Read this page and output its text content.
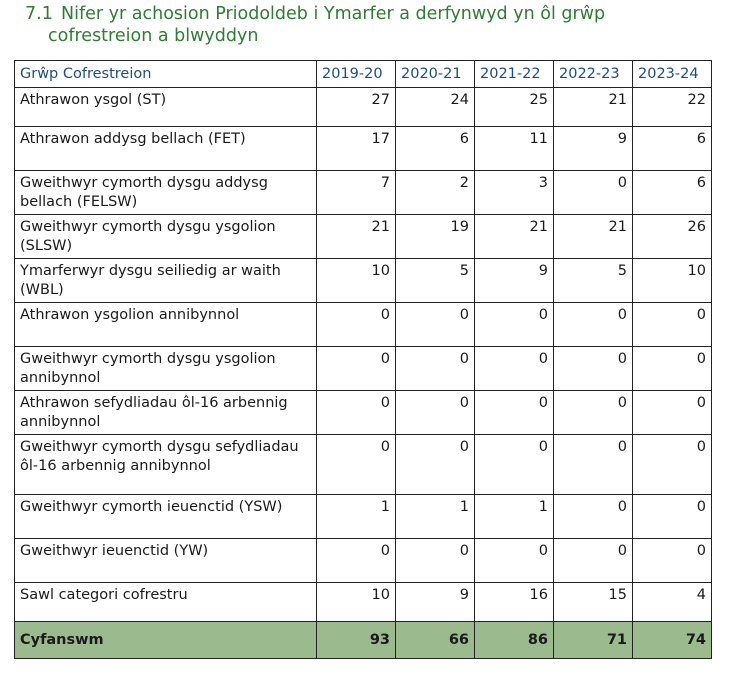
7.1 Nifer yr achosion Priodoldeb i Ymarfer a derfynwyd yn ôl grŵp
cofrestreion a blwyddyn
Grŵp Cofrestreion	2019-20	2020-21	2021-22	2022-23	2023-24
Athrawon ysgol (ST)	27	24	25	21	22
Athrawon addysg bellach (FET)	17	6	11	9	6
Gweithwyr cymorth dysgu addysg bellach (FELSW)	7	2	3	0	6
Gweithwyr cymorth dysgu ysgolion (SLSW)	21	19	21	21	26
Ymarferwyr dysgu seiliedig ar waith (WBL)	10	5	9	5	10
Athrawon ysgolion annibynnol	0	0	0	0	0
Gweithwyr cymorth dysgu ysgolion annibynnol	0	0	0	0	0
Athrawon sefydliadau ôl-16 arbennig annibynnol	0	0	0	0	0
Gweithwyr cymorth dysgu sefydliadau ôl-16 arbennig annibynnol	0	0	0	0	0
Gweithwyr cymorth ieuenctid (YSW)	1	1	1	0	0
Gweithwyr ieuenctid (YW)	0	0	0	0	0
Sawl categori cofrestru	10	9	16	15	4
Cyfanswm	93	66	86	71	74
